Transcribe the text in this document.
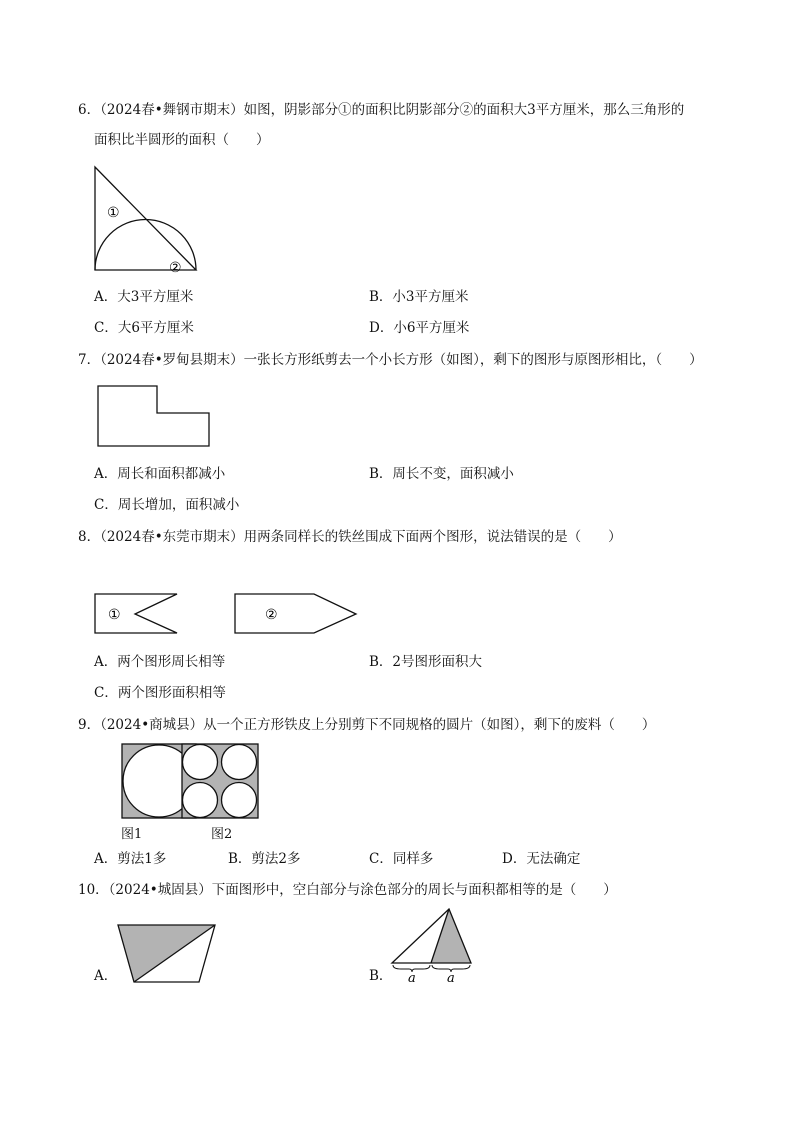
6．（2024春•舞钢市期末）如图，阴影部分①的面积比阴影部分②的面积大3平方厘米，那么三角形的
面积比半圆形的面积（　　）
①
②
A．大3平方厘米	B．小3平方厘米
C．大6平方厘米	D．小6平方厘米
7．（2024春•罗甸县期末）一张长方形纸剪去一个小长方形（如图），剩下的图形与原图形相比，（　　）
A．周长和面积都减小	B．周长不变，面积减小
C．周长增加，面积减小
8．（2024春•东莞市期末）用两条同样长的铁丝围成下面两个图形，说法错误的是（　　）
①	②
A．两个图形周长相等	B．2号图形面积大
C．两个图形面积相等
9．（2024•商城县）从一个正方形铁皮上分别剪下不同规格的圆片（如图），剩下的废料（　　）
图1	图2
A．剪法1多	B．剪法2多	C．同样多	D．无法确定
10．（2024•城固县）下面图形中，空白部分与涂色部分的周长与面积都相等的是（　　）
A．	B． a a
